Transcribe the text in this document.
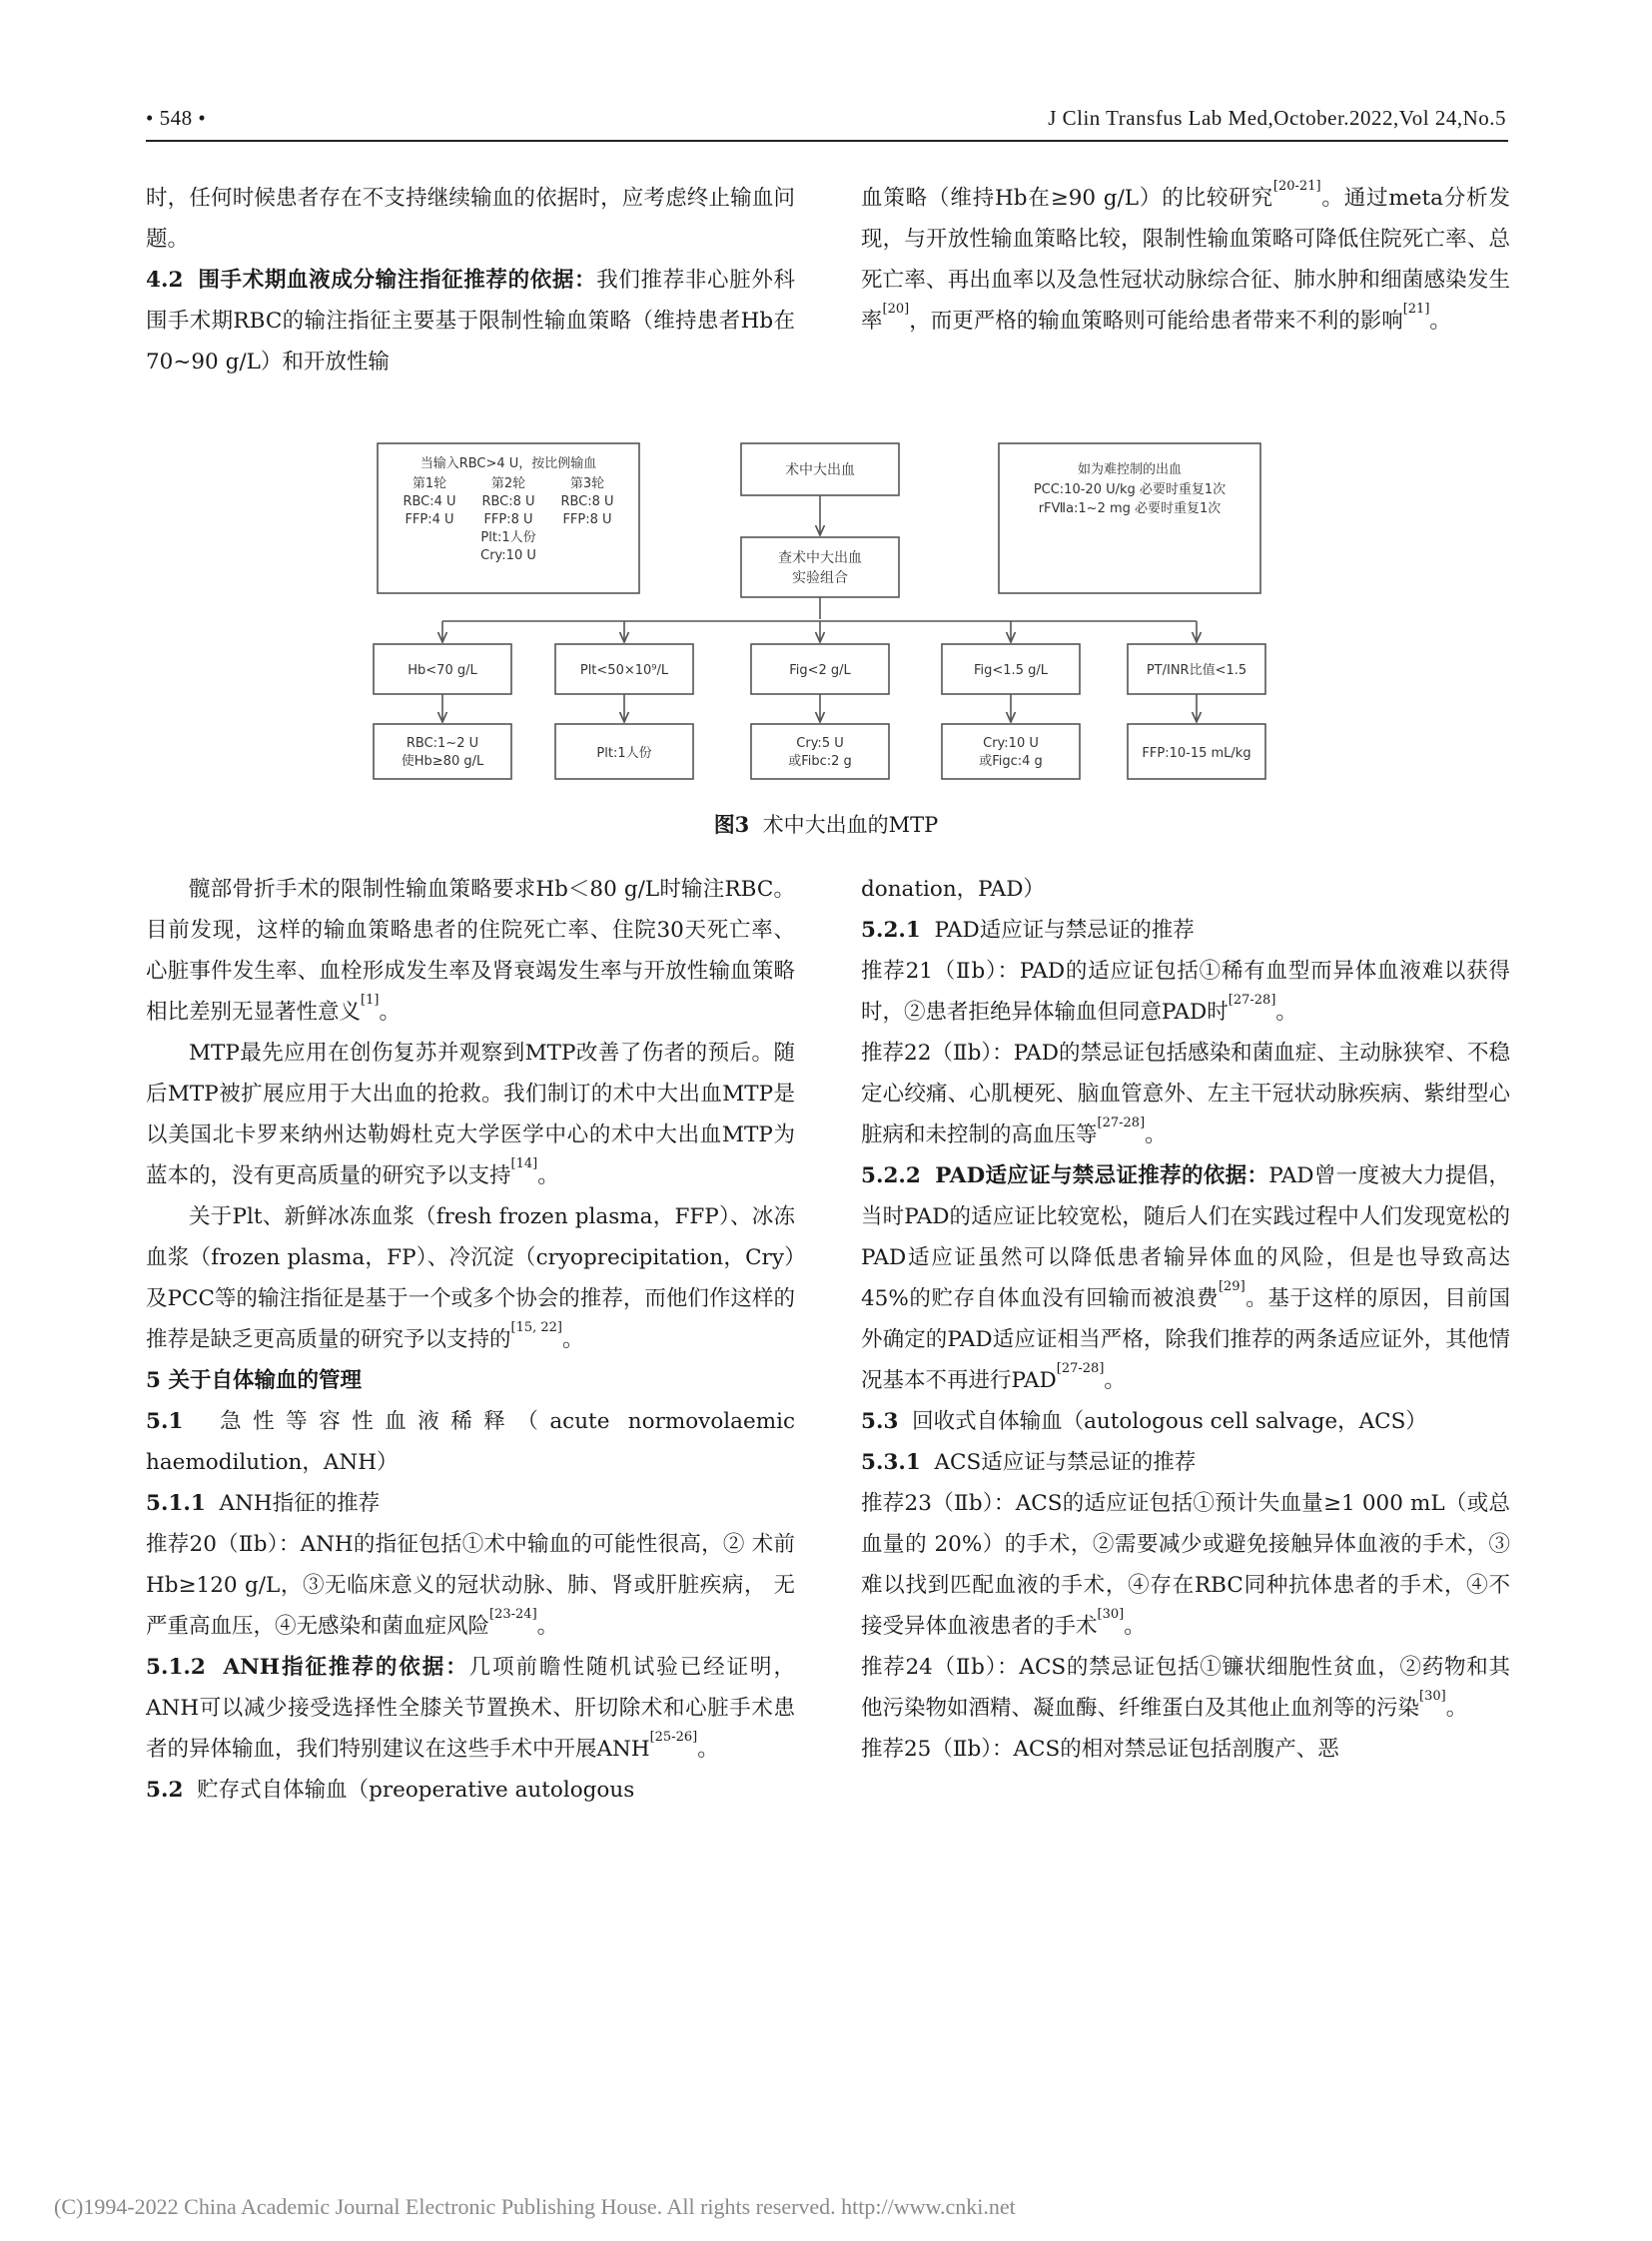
• 548 •	J Clin Transfus Lab Med,October.2022,Vol 24,No.5

时，任何时候患者存在不支持继续输血的依据时，应考虑终止输血问题。

4.2 围手术期血液成分输注指征推荐的依据：我们推荐非心脏外科围手术期RBC的输注指征主要基于限制性输血策略（维持患者Hb在70~90 g/L）和开放性输

血策略（维持Hb在≥90 g/L）的比较研究[20-21]。通过meta分析发现，与开放性输血策略比较，限制性输血策略可降低住院死亡率、总死亡率、再出血率以及急性冠状动脉综合征、肺水肿和细菌感染发生率[20]，而更严格的输血策略则可能给患者带来不利的影响[21]。

当输入RBC>4 U，按比例输血
第1轮	第2轮	第3轮
RBC:4 U RBC:8 U RBC:8 U
FFP:4 U FFP:8 U FFP:8 U
Plt:1人份
Cry:10 U
术中大出血
查术中大出血
实验组合
如为难控制的出血
PCC:10-20 U/kg 必要时重复1次
rFⅦa:1~2 mg 必要时重复1次
Hb<70 g/L	Plt<50×10⁹/L	Fig<2 g/L	Fig<1.5 g/L	PT/INR比值<1.5
RBC:1~2 U
使Hb≥80 g/L
Plt:1人份
Cry:5 U
或Fibc:2 g
Cry:10 U
或Figc:4 g
FFP:10-15 mL/kg
图3 术中大出血的MTP

髋部骨折手术的限制性输血策略要求Hb＜80 g/L时输注RBC。目前发现，这样的输血策略患者的住院死亡率、住院30天死亡率、心脏事件发生率、血栓形成发生率及肾衰竭发生率与开放性输血策略相比差别无显著性意义[1]。

MTP最先应用在创伤复苏并观察到MTP改善了伤者的预后。随后MTP被扩展应用于大出血的抢救。我们制订的术中大出血MTP是以美国北卡罗来纳州达勒姆杜克大学医学中心的术中大出血MTP为蓝本的，没有更高质量的研究予以支持[14]。

关于Plt、新鲜冰冻血浆（fresh frozen plasma，FFP）、冰冻血浆（frozen plasma，FP）、冷沉淀（cryoprecipitation，Cry）及PCC等的输注指征是基于一个或多个协会的推荐，而他们作这样的推荐是缺乏更高质量的研究予以支持的[15, 22]。

5 关于自体输血的管理

5.1 急性等容性血液稀释（acute normovolaemic haemodilution，ANH）

5.1.1 ANH指征的推荐

推荐20（Ⅱb）：ANH的指征包括①术中输血的可能性很高，② 术前Hb≥120 g/L，③无临床意义的冠状动脉、肺、肾或肝脏疾病， 无严重高血压，④无感染和菌血症风险[23-24]。

5.1.2 ANH指征推荐的依据：几项前瞻性随机试验已经证明，ANH可以减少接受选择性全膝关节置换术、肝切除术和心脏手术患者的异体输血，我们特别建议在这些手术中开展ANH[25-26]。

5.2 贮存式自体输血（preoperative autologous

donation，PAD）

5.2.1 PAD适应证与禁忌证的推荐

推荐21（Ⅱb）：PAD的适应证包括①稀有血型而异体血液难以获得时，②患者拒绝异体输血但同意PAD时[27-28]。

推荐22（Ⅱb）：PAD的禁忌证包括感染和菌血症、主动脉狭窄、不稳定心绞痛、心肌梗死、脑血管意外、左主干冠状动脉疾病、紫绀型心脏病和未控制的高血压等[27-28]。

5.2.2 PAD适应证与禁忌证推荐的依据：PAD曾一度被大力提倡，当时PAD的适应证比较宽松，随后人们在实践过程中人们发现宽松的PAD适应证虽然可以降低患者输异体血的风险，但是也导致高达45%的贮存自体血没有回输而被浪费[29]。基于这样的原因，目前国外确定的PAD适应证相当严格，除我们推荐的两条适应证外，其他情况基本不再进行PAD[27-28]。

5.3 回收式自体输血（autologous cell salvage，ACS）

5.3.1 ACS适应证与禁忌证的推荐

推荐23（Ⅱb）：ACS的适应证包括①预计失血量≥1 000 mL（或总血量的 20%）的手术，②需要减少或避免接触异体血液的手术，③难以找到匹配血液的手术，④存在RBC同种抗体患者的手术，④不接受异体血液患者的手术[30]。

推荐24（Ⅱb）：ACS的禁忌证包括①镰状细胞性贫血，②药物和其他污染物如酒精、凝血酶、纤维蛋白及其他止血剂等的污染[30]。

推荐25（Ⅱb）：ACS的相对禁忌证包括剖腹产、恶

(C)1994-2022 China Academic Journal Electronic Publishing House. All rights reserved. http://www.cnki.net
